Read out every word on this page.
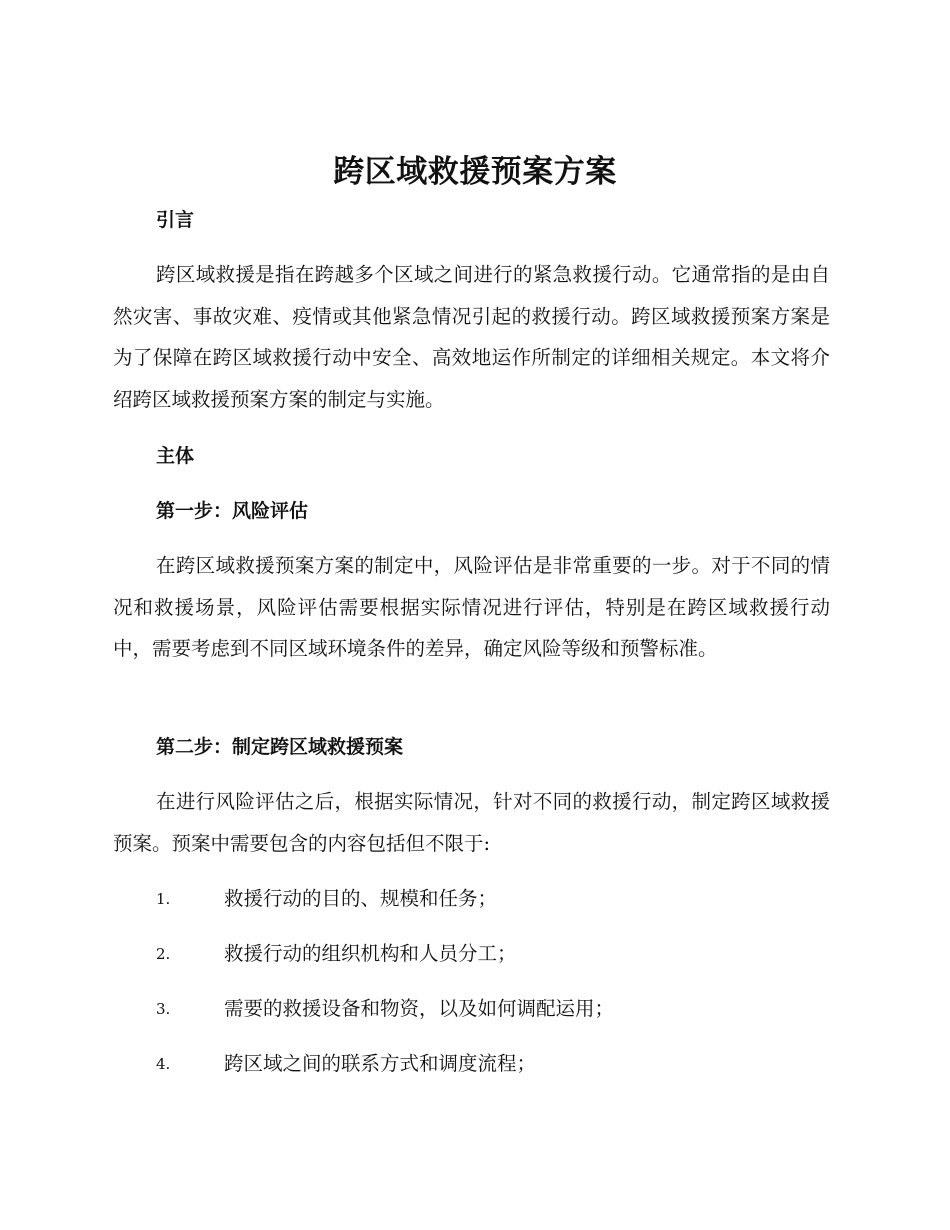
跨区域救援预案方案
引言

跨区域救援是指在跨越多个区域之间进行的紧急救援行动。它通常指的是由自然灾害、事故灾难、疫情或其他紧急情况引起的救援行动。跨区域救援预案方案是为了保障在跨区域救援行动中安全、高效地运作所制定的详细相关规定。本文将介绍跨区域救援预案方案的制定与实施。

主体
第一步：风险评估

在跨区域救援预案方案的制定中，风险评估是非常重要的一步。对于不同的情况和救援场景，风险评估需要根据实际情况进行评估，特别是在跨区域救援行动中，需要考虑到不同区域环境条件的差异，确定风险等级和预警标准。

第二步：制定跨区域救援预案

在进行风险评估之后，根据实际情况，针对不同的救援行动，制定跨区域救援预案。预案中需要包含的内容包括但不限于:

1.	救援行动的目的、规模和任务；
2.	救援行动的组织机构和人员分工；
3.	需要的救援设备和物资，以及如何调配运用；
4.	跨区域之间的联系方式和调度流程；
